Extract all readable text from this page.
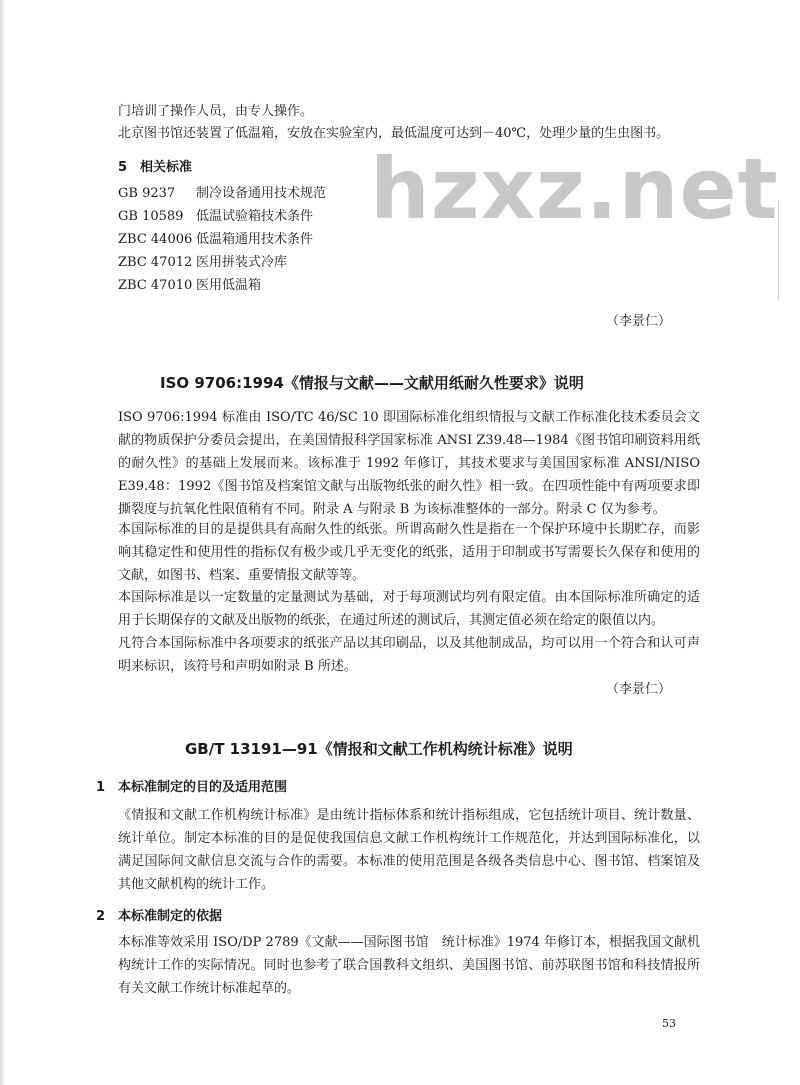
hzxz.net
门培训了操作人员，由专人操作。
北京图书馆还装置了低温箱，安放在实验室内，最低温度可达到－40℃，处理少量的生虫图书。
5　相关标准
GB 9237 制冷设备通用技术规范
GB 10589 低温试验箱技术条件
ZBC 44006 低温箱通用技术条件
ZBC 47012 医用拼装式冷库
ZBC 47010 医用低温箱
（李景仁）
ISO 9706:1994《情报与文献——文献用纸耐久性要求》说明
ISO 9706:1994 标准由 ISO/TC 46/SC 10 即国际标准化组织情报与文献工作标准化技术委员会文献的物质保护分委员会提出，在美国情报科学国家标准 ANSI Z39.48—1984《图书馆印刷资料用纸的耐久性》的基础上发展而来。该标准于 1992 年修订，其技术要求与美国国家标准 ANSI/NISO E39.48：1992《图书馆及档案馆文献与出版物纸张的耐久性》相一致。在四项性能中有两项要求即撕裂度与抗氧化性限值稍有不同。附录 A 与附录 B 为该标准整体的一部分。附录 C 仅为参考。
本国际标准的目的是提供具有高耐久性的纸张。所谓高耐久性是指在一个保护环境中长期贮存，而影响其稳定性和使用性的指标仅有极少或几乎无变化的纸张，适用于印制或书写需要长久保存和使用的文献，如图书、档案、重要情报文献等等。
本国际标准是以一定数量的定量测试为基础，对于每项测试均列有限定值。由本国际标准所确定的适用于长期保存的文献及出版物的纸张，在通过所述的测试后，其测定值必须在给定的限值以内。
凡符合本国际标准中各项要求的纸张产品以其印刷品，以及其他制成品，均可以用一个符合和认可声明来标识，该符号和声明如附录 B 所述。
（李景仁）
GB/T 13191—91《情报和文献工作机构统计标准》说明
1　本标准制定的目的及适用范围
《情报和文献工作机构统计标准》是由统计指标体系和统计指标组成，它包括统计项目、统计数量、统计单位。制定本标准的目的是促使我国信息文献工作机构统计工作规范化，并达到国际标准化，以满足国际间文献信息交流与合作的需要。本标准的使用范围是各级各类信息中心、图书馆、档案馆及其他文献机构的统计工作。
2　本标准制定的依据
本标准等效采用 ISO/DP 2789《文献——国际图书馆　统计标准》1974 年修订本，根据我国文献机构统计工作的实际情况。同时也参考了联合国教科文组织、美国图书馆、前苏联图书馆和科技情报所有关文献工作统计标准起草的。
53
